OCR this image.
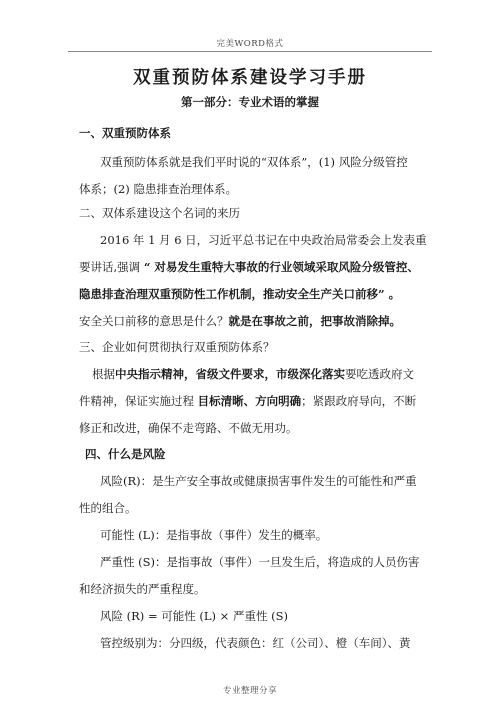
完美WORD格式
双重预防体系建设学习手册
第一部分：专业术语的掌握
一、双重预防体系
双重预防体系就是我们平时说的“双体系”，(1) 风险分级管控
体系；(2) 隐患排查治理体系。
二、双体系建设这个名词的来历
2016 年 1 月 6 日，习近平总书记在中央政治局常委会上发表重
要讲话,强调 “ 对易发生重特大事故的行业领域采取风险分级管控、
隐患排查治理双重预防性工作机制，推动安全生产关口前移” 。
安全关口前移的意思是什么？就是在事故之前，把事故消除掉。
三、企业如何贯彻执行双重预防体系？
根据中央指示精神，省级文件要求，市级深化落实要吃透政府文
件精神，保证实施过程 目标清晰、方向明确；紧跟政府导向，不断
修正和改进，确保不走弯路、不做无用功。
四、什么是风险
风险(R)：是生产安全事故或健康损害事件发生的可能性和严重
性的组合。
可能性 (L)：是指事故（事件）发生的概率。
严重性 (S)：是指事故（事件）一旦发生后，将造成的人员伤害
和经济损失的严重程度。
风险 (R) = 可能性 (L) × 严重性 (S)
管控级别为：分四级，代表颜色：红（公司）、橙（车间）、黄
专业整理分享
